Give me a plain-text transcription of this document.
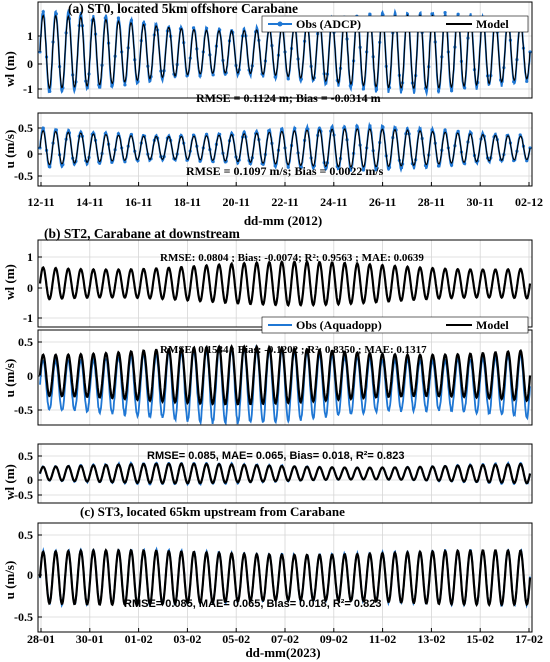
1
0
-1
0.5
0
-0.5
1
0
-1
0.5
0
-0.5
0.5
0
-0.5
0.5
0
-0.5
12-11 14-11 16-11 18-11 20-11 22-11 24-11 26-11 28-11 30-11 02-12
28-01 30-01 01-02 03-02 05-02 07-02 09-02 11-02 13-02 15-02 17-02
Obs (ADCP)	Model
Obs (Aquadopp)	Model
(a) ST0, located 5km offshore Carabane
wl (m)
u (m/s)
wl (m)
u (m/s)
wl (m)
u (m/s)
RMSE = 0.1124 m; Bias = -0.0314 m
RMSE = 0.1097 m/s; Bias = 0.0022 m/s
(b) ST2, Carabane at downstream
RMSE: 0.0804 ; Bias: -0.0074; R²: 0.9563 ; MAE: 0.0639
RMSE: 0.1534 ; Bias: -0.1202 ; R²: 0.8350 ; MAE: 0.1317
RMSE= 0.085, MAE= 0.065, Bias= 0.018, R²= 0.823
(c) ST3, located 65km upstream from Carabane
RMSE= 0.085, MAE= 0.065, Bias= 0.018, R²= 0.823
dd-mm (2012)
dd-mm(2023)
